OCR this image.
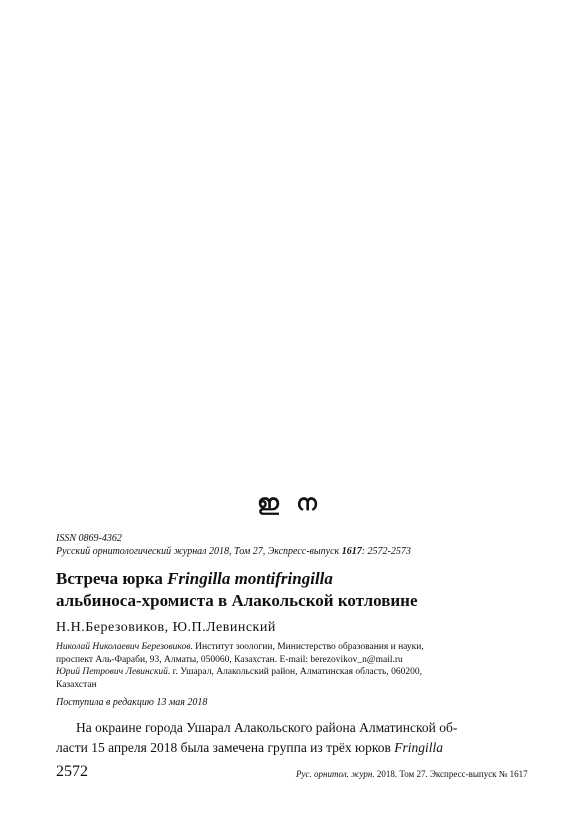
ഇ ന
ISSN 0869-4362
Русский орнитологический журнал 2018, Том 27, Экспресс-выпуск 1617: 2572-2573
Встреча юрка Fringilla montifringilla
альбиноса-хромиста в Алакольской котловине
Н.Н.Березовиков, Ю.П.Левинский
Николай Николаевич Березовиков. Институт зоологии, Министерство образования и науки,
проспект Аль-Фараби, 93, Алматы, 050060, Казахстан. E-mail: berezovikov_n@mail.ru
Юрий Петрович Левинский. г. Ушарал, Алакольский район, Алматинская область, 060200,
Казахстан
Поступила в редакцию 13 мая 2018
На окраине города Ушарал Алакольского района Алматинской об-
ласти 15 апреля 2018 была замечена группа из трёх юрков Fringilla
2572	Рус. орнитол. журн. 2018. Том 27. Экспресс-выпуск № 1617
